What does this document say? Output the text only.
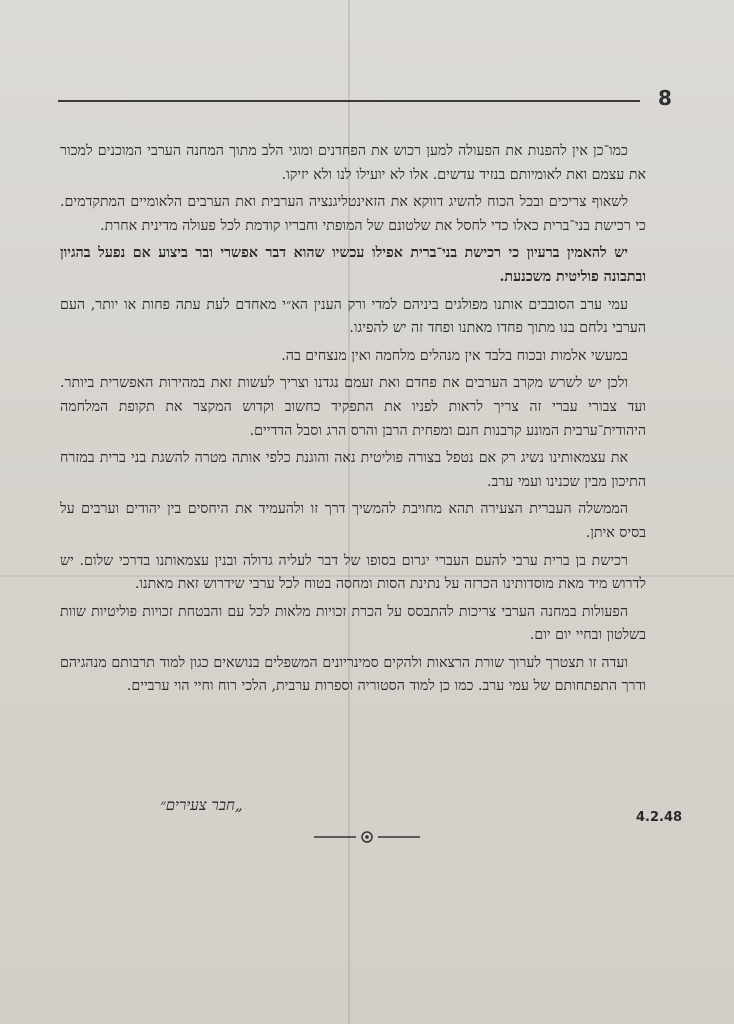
8

כמו־כן אין להפנות את הפעולה למען רכוש את הפחדנים ומוגי הלב מתוך המחנה הערבי המוכנים למכור את עצמם ואת לאומיותם בנזיד עדשים. אלו לא יועילו לנו ולא יזיקו.

לשאוף צריכים ובכל הכוח להשיג דווקא את הזאינטליגנציה הערבית ואת הערבים הלאומיים המתקדמים. כי רכישת בני־ברית כאלו כדי לחסל את שלטונם של המופתי וחבריו קודמת לכל פעולה מדינית אחרת.

יש להאמין ברעיון כי רכישת בני־ברית אפילו עכשיו שהוא דבר אפשרי ובר ביצוע אם נפעל בהגיון ובתבונה פוליטית משכנעת.

עמי ערב הסובבים אותנו מפולגים ביניהם למדי ורק הענין הא״י מאחדם לעת עתה פחות או יותר, העם הערבי נלחם בנו מתוך פחדו מאתנו ופחד זה יש להפיגו.

במעשי אלמות ובכוח בלבד אין מנהלים מלחמה ואין מנצחים בה.

ולכן יש לשרש מקרב הערבים את פחדם ואת זעמם נגדנו וצריך לעשות זאת במהירות האפשרית ביותר. ועד צבורי עברי זה צריך לראות לפניו את התפקיד כחשוב וקדוש המקצר את תקופת המלחמה היהודית־ערבית המונע קרבנות חנם ומפחית הרבן והרס הרג וסבל הדדיים.

את עצמאותינו נשיג רק אם נטפל בצורה פוליטית נאה והוגנת כלפי אותה מטרה להשגת בני ברית במזרח התיכון מבין שכנינו ועמי ערב.

הממשלה העברית הצעירה תהא מחויבת להמשיך דרך זו ולהעמיד את היחסים בין יהודים וערבים על בסיס איתן.

רכישת בן ברית ערבי להעם העברי יגרום בסופו של דבר לעליה גדולה ובנין עצמאותנו בדרכי שלום. יש לדרוש מיד מאת מוסדותינו הכרזה על נתינת הסות ומחסה בטוח לכל ערבי שידרוש זאת מאתנו.

הפעולות במחנה הערבי צריכות להתבסס על הכרת זכויות מלאות לכל עם והבטחת זכויות פוליטיות שוות בשלטון ובחיי יום יום.

ועדה זו תצטרך לערוך שורת הרצאות ולהקים סמינריונים המשפלים בנושאים כגון למוד תרבותם מנהגיהם ודרך התפתחותם של עמי ערב. כמו כן למוד הסטוריה וספרות ערבית, הלכי רוח וחיי הוי ערביים.

„חבר צעירים״
4.2.48
